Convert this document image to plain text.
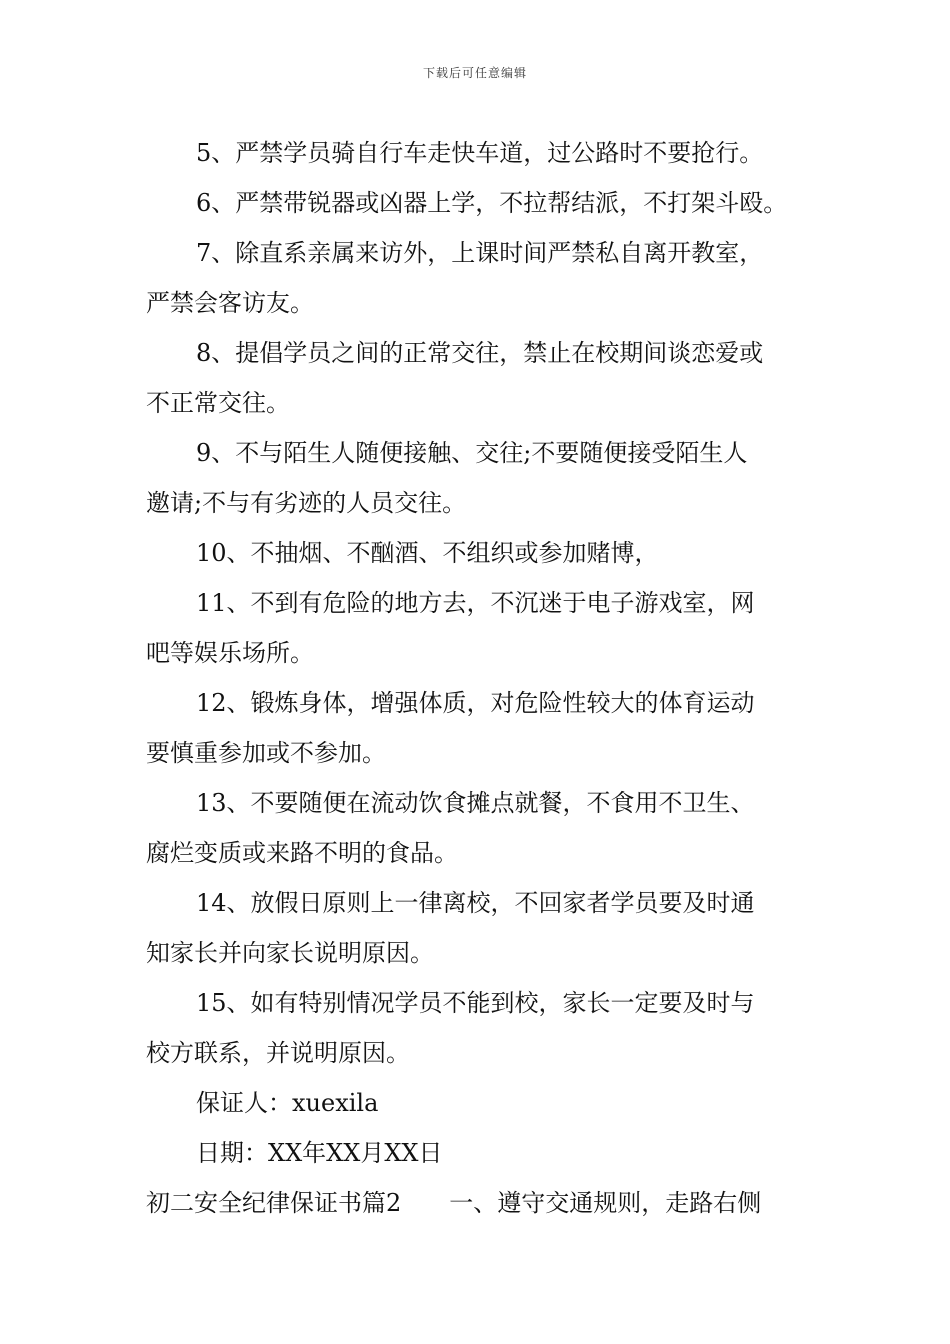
下载后可任意编辑

5、严禁学员骑自行车走快车道，过公路时不要抢行。

6、严禁带锐器或凶器上学，不拉帮结派，不打架斗殴。

7、除直系亲属来访外，上课时间严禁私自离开教室，

严禁会客访友。

8、提倡学员之间的正常交往，禁止在校期间谈恋爱或

不正常交往。

9、不与陌生人随便接触、交往;不要随便接受陌生人

邀请;不与有劣迹的人员交往。

10、不抽烟、不酗酒、不组织或参加赌博，

11、不到有危险的地方去，不沉迷于电子游戏室，网

吧等娱乐场所。

12、锻炼身体，增强体质，对危险性较大的体育运动

要慎重参加或不参加。

13、不要随便在流动饮食摊点就餐，不食用不卫生、

腐烂变质或来路不明的食品。

14、放假日原则上一律离校，不回家者学员要及时通

知家长并向家长说明原因。

15、如有特别情况学员不能到校，家长一定要及时与

校方联系，并说明原因。

保证人：xuexila

日期：XX年XX月XX日

初二安全纪律保证书篇2　　一、遵守交通规则，走路右侧
